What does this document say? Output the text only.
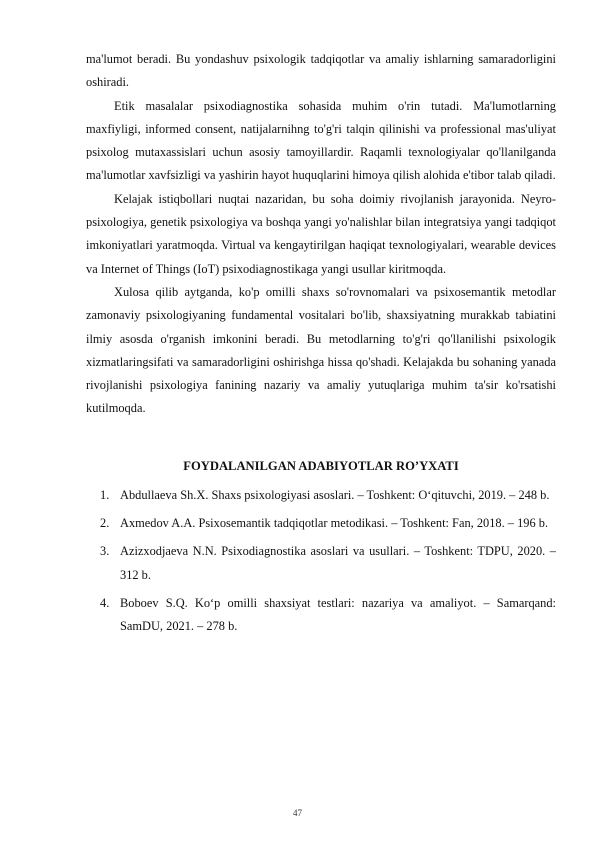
ma'lumot beradi. Bu yondashuv psixologik tadqiqotlar va amaliy ishlarning samaradorligini oshiradi.

Etik masalalar psixodiagnostika sohasida muhim o'rin tutadi. Ma'lumotlarning maxfiyligi, informed consent, natijalarnihng to'g'ri talqin qilinishi va professional mas'uliyat psixolog mutaxassislari uchun asosiy tamoyillardir. Raqamli texnologiyalar qo'llanilganda ma'lumotlar xavfsizligi va yashirin hayot huquqlarini himoya qilish alohida e'tibor talab qiladi.

Kelajak istiqbollari nuqtai nazaridan, bu soha doimiy rivojlanish jarayonida. Neyro-psixologiya, genetik psixologiya va boshqa yangi yo'nalishlar bilan integratsiya yangi tadqiqot imkoniyatlari yaratmoqda. Virtual va kengaytirilgan haqiqat texnologiyalari, wearable devices va Internet of Things (IoT) psixodiagnostikaga yangi usullar kiritmoqda.

Xulosa qilib aytganda, ko'p omilli shaxs so'rovnomalari va psixosemantik metodlar zamonaviy psixologiyaning fundamental vositalari bo'lib, shaxsiyatning murakkab tabiatini ilmiy asosda o'rganish imkonini beradi. Bu metodlarning to'g'ri qo'llanilishi psixologik xizmatlaringsifati va samaradorligini oshirishga hissa qo'shadi. Kelajakda bu sohaning yanada rivojlanishi psixologiya fanining nazariy va amaliy yutuqlariga muhim ta'sir ko'rsatishi kutilmoqda.

FOYDALANILGAN ADABIYOTLAR RO’YXATI
1. Abdullaeva Sh.X. Shaxs psixologiyasi asoslari. – Toshkent: O‘qituvchi, 2019. – 248 b.
2. Axmedov A.A. Psixosemantik tadqiqotlar metodikasi. – Toshkent: Fan, 2018. – 196 b.
3. Azizxodjaeva N.N. Psixodiagnostika asoslari va usullari. – Toshkent: TDPU, 2020. – 312 b.
4. Boboev S.Q. Ko‘p omilli shaxsiyat testlari: nazariya va amaliyot. – Samarqand: SamDU, 2021. – 278 b.
47
